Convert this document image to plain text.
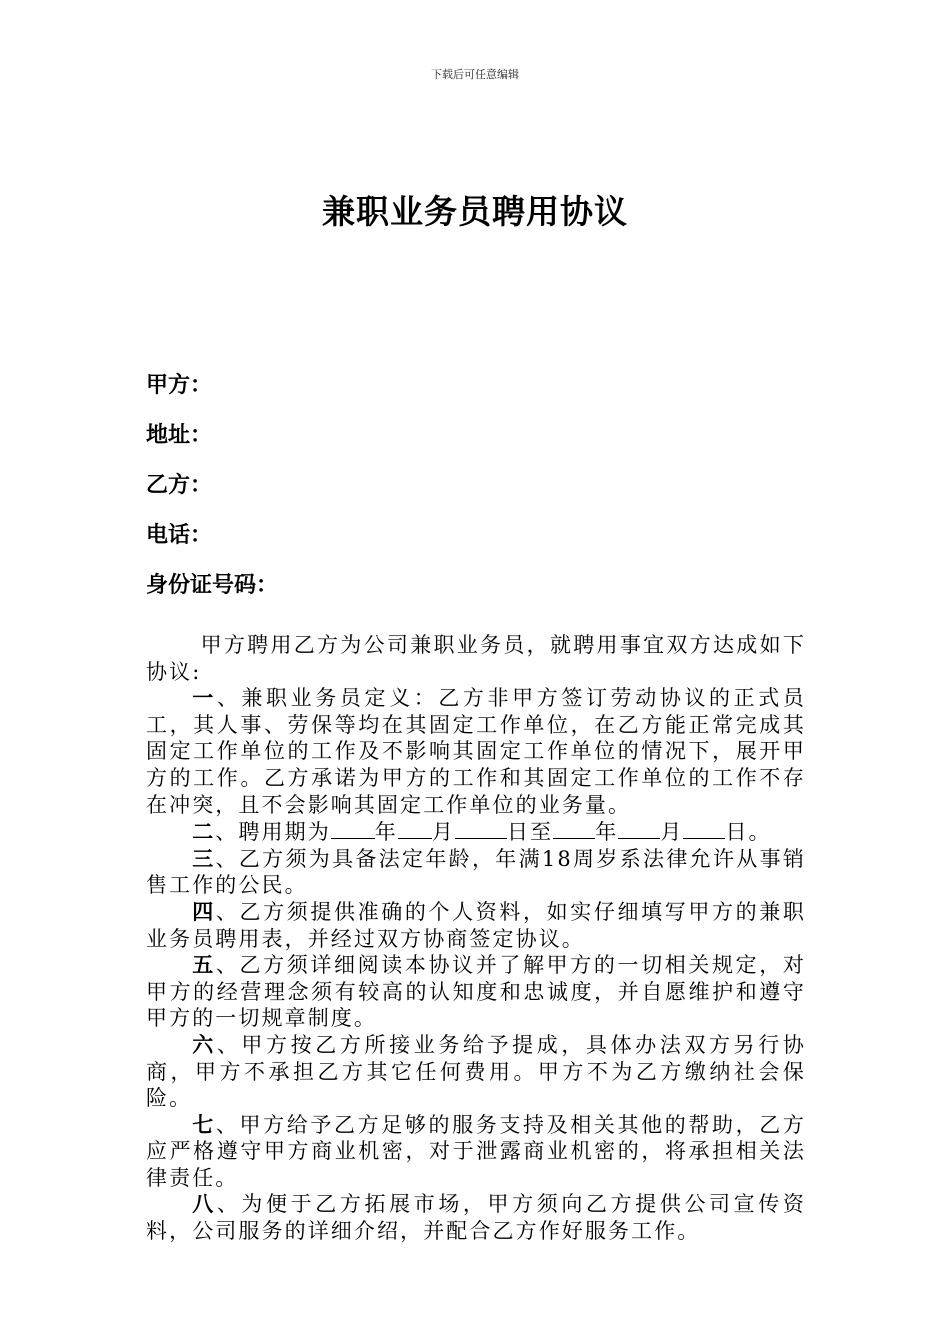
下载后可任意编辑
兼职业务员聘用协议
甲方：
地址：
乙方：
电话：
身份证号码：

甲方聘用乙方为公司兼职业务员，就聘用事宜双方达成如下协议:

一、兼职业务员定义：乙方非甲方签订劳动协议的正式员工，其人事、劳保等均在其固定工作单位，在乙方能正常完成其固定工作单位的工作及不影响其固定工作单位的情况下，展开甲方的工作。乙方承诺为甲方的工作和其固定工作单位的工作不存在冲突，且不会影响其固定工作单位的业务量。

二、聘用期为 年 月 日至 年 月 日。

三、乙方须为具备法定年龄，年满18周岁系法律允许从事销售工作的公民。

四、乙方须提供准确的个人资料，如实仔细填写甲方的兼职业务员聘用表，并经过双方协商签定协议。

五、乙方须详细阅读本协议并了解甲方的一切相关规定，对甲方的经营理念须有较高的认知度和忠诚度，并自愿维护和遵守甲方的一切规章制度。

六、甲方按乙方所接业务给予提成，具体办法双方另行协商，甲方不承担乙方其它任何费用。甲方不为乙方缴纳社会保险。

七、甲方给予乙方足够的服务支持及相关其他的帮助，乙方应严格遵守甲方商业机密，对于泄露商业机密的，将承担相关法律责任。

八、为便于乙方拓展市场，甲方须向乙方提供公司宣传资料，公司服务的详细介绍，并配合乙方作好服务工作。
